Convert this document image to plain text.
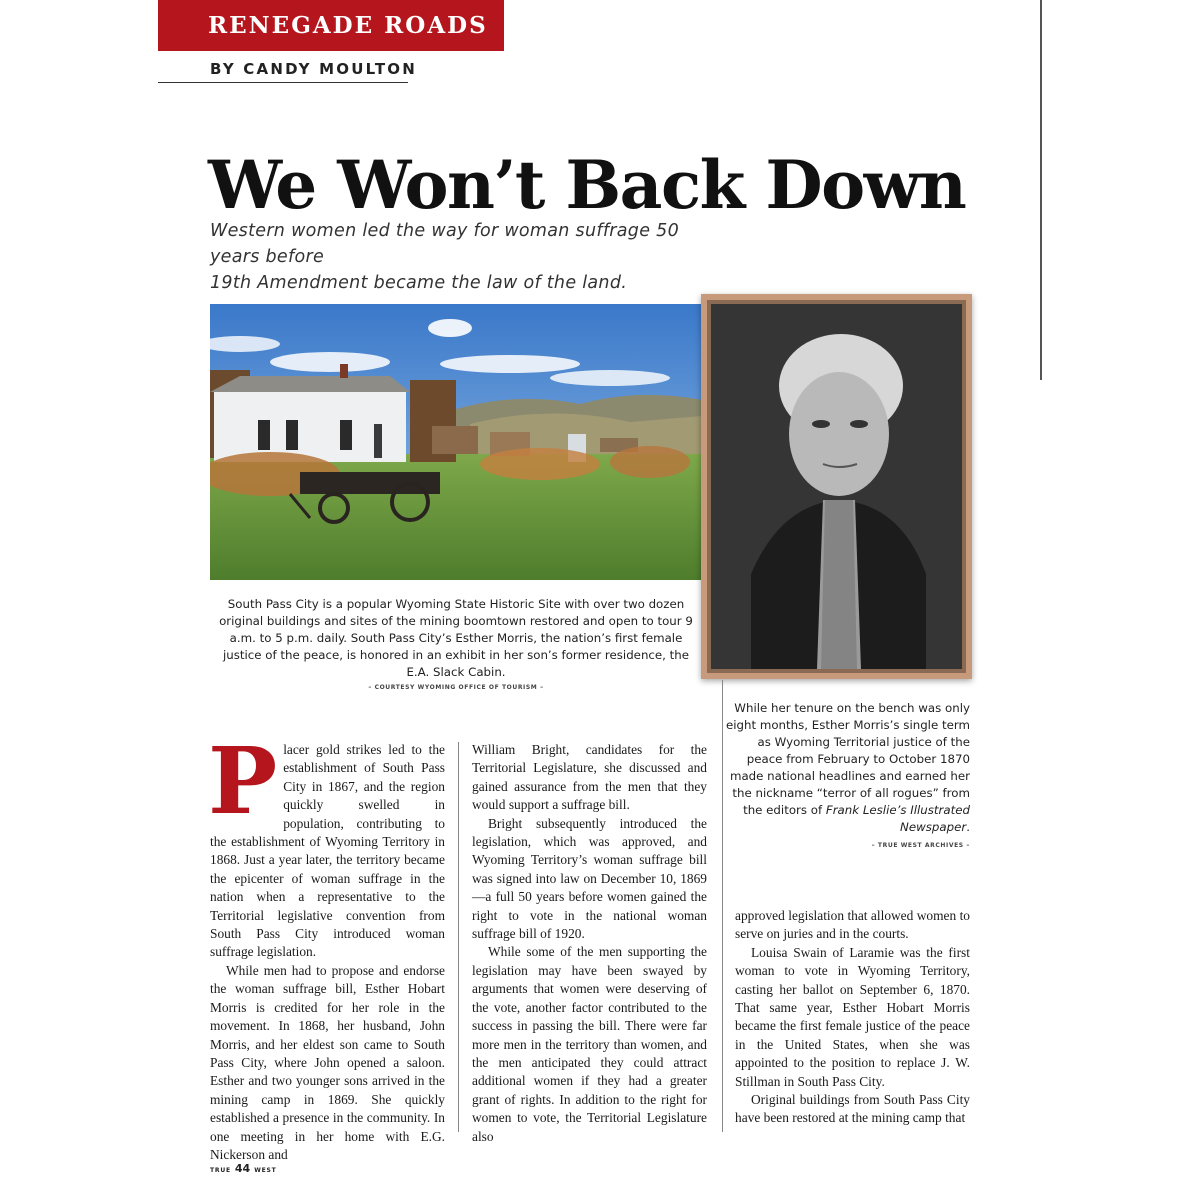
RENEGADE ROADS
BY CANDY MOULTON
We Won’t Back Down
Western women led the way for woman suffrage 50 years before
19th Amendment became the law of the land.
South Pass City is a popular Wyoming State Historic Site with over two dozen original buildings and sites of the mining boomtown restored and open to tour 9 a.m. to 5 p.m. daily. South Pass City’s Esther Morris, the nation’s first female justice of the peace, is honored in an exhibit in her son’s former residence, the E.A. Slack Cabin.
– COURTESY WYOMING OFFICE OF TOURISM –
While her tenure on the bench was only eight months, Esther Morris’s single term as Wyoming Territorial justice of the peace from February to October 1870 made national headlines and earned her the nickname “terror of all rogues” from the editors of Frank Leslie’s Illustrated Newspaper.
– TRUE WEST ARCHIVES –

Placer gold strikes led to the establishment of South Pass City in 1867, and the region quickly swelled in population, contributing to the establishment of Wyoming Territory in 1868. Just a year later, the territory became the epicenter of woman suffrage in the nation when a representative to the Territorial legislative convention from South Pass City introduced woman suffrage legislation.

While men had to propose and endorse the woman suffrage bill, Esther Hobart Morris is credited for her role in the movement. In 1868, her husband, John Morris, and her eldest son came to South Pass City, where John opened a saloon. Esther and two younger sons arrived in the mining camp in 1869. She quickly established a presence in the community. In one meeting in her home with E.G. Nickerson and

William Bright, candidates for the Territorial Legislature, she discussed and gained assurance from the men that they would support a suffrage bill.

Bright subsequently introduced the legislation, which was approved, and Wyoming Territory’s woman suffrage bill was signed into law on December 10, 1869—a full 50 years before women gained the right to vote in the national woman suffrage bill of 1920.

While some of the men supporting the legislation may have been swayed by arguments that women were deserving of the vote, another factor contributed to the success in passing the bill. There were far more men in the territory than women, and the men anticipated they could attract additional women if they had a greater grant of rights. In addition to the right for women to vote, the Territorial Legislature also

approved legislation that allowed women to serve on juries and in the courts.

Louisa Swain of Laramie was the first woman to vote in Wyoming Territory, casting her ballot on September 6, 1870. That same year, Esther Hobart Morris became the first female justice of the peace in the United States, when she was appointed to the position to replace J. W. Stillman in South Pass City.

Original buildings from South Pass City have been restored at the mining camp that

TRUE 44 WEST
